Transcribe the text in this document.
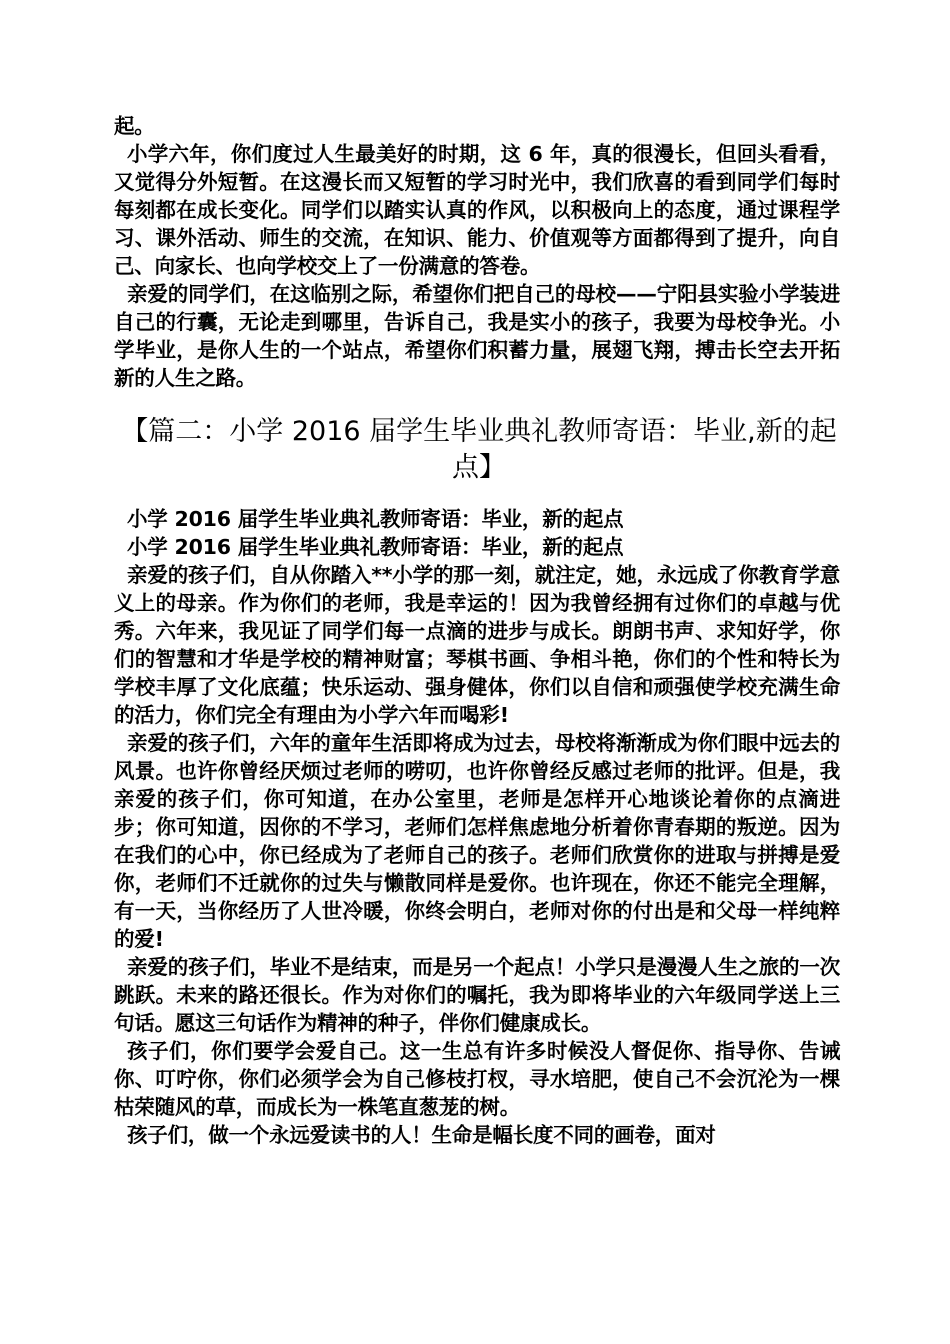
起。

小学六年，你们度过人生最美好的时期，这 6 年，真的很漫长，但回头看看，又觉得分外短暂。在这漫长而又短暂的学习时光中，我们欣喜的看到同学们每时每刻都在成长变化。同学们以踏实认真的作风，以积极向上的态度，通过课程学习、课外活动、师生的交流，在知识、能力、价值观等方面都得到了提升，向自己、向家长、也向学校交上了一份满意的答卷。

亲爱的同学们，在这临别之际，希望你们把自己的母校——宁阳县实验小学装进自己的行囊，无论走到哪里，告诉自己，我是实小的孩子，我要为母校争光。小学毕业，是你人生的一个站点，希望你们积蓄力量，展翅飞翔，搏击长空去开拓新的人生之路。

【篇二：小学 2016 届学生毕业典礼教师寄语：毕业,新的起点】

小学 2016 届学生毕业典礼教师寄语：毕业，新的起点

小学 2016 届学生毕业典礼教师寄语：毕业，新的起点

亲爱的孩子们，自从你踏入**小学的那一刻，就注定，她，永远成了你教育学意义上的母亲。作为你们的老师，我是幸运的！因为我曾经拥有过你们的卓越与优秀。六年来，我见证了同学们每一点滴的进步与成长。朗朗书声、求知好学，你们的智慧和才华是学校的精神财富；琴棋书画、争相斗艳，你们的个性和特长为学校丰厚了文化底蕴；快乐运动、强身健体，你们以自信和顽强使学校充满生命的活力，你们完全有理由为小学六年而喝彩!

亲爱的孩子们，六年的童年生活即将成为过去，母校将渐渐成为你们眼中远去的风景。也许你曾经厌烦过老师的唠叨，也许你曾经反感过老师的批评。但是，我亲爱的孩子们，你可知道，在办公室里，老师是怎样开心地谈论着你的点滴进步；你可知道，因你的不学习，老师们怎样焦虑地分析着你青春期的叛逆。因为在我们的心中，你已经成为了老师自己的孩子。老师们欣赏你的进取与拼搏是爱你，老师们不迁就你的过失与懒散同样是爱你。也许现在，你还不能完全理解，有一天，当你经历了人世冷暖，你终会明白，老师对你的付出是和父母一样纯粹的爱!

亲爱的孩子们，毕业不是结束，而是另一个起点！小学只是漫漫人生之旅的一次跳跃。未来的路还很长。作为对你们的嘱托，我为即将毕业的六年级同学送上三句话。愿这三句话作为精神的种子，伴你们健康成长。

孩子们，你们要学会爱自己。这一生总有许多时候没人督促你、指导你、告诫你、叮咛你，你们必须学会为自己修枝打杈，寻水培肥，使自己不会沉沦为一棵枯荣随风的草，而成长为一株笔直葱茏的树。

孩子们，做一个永远爱读书的人！生命是幅长度不同的画卷，面对
